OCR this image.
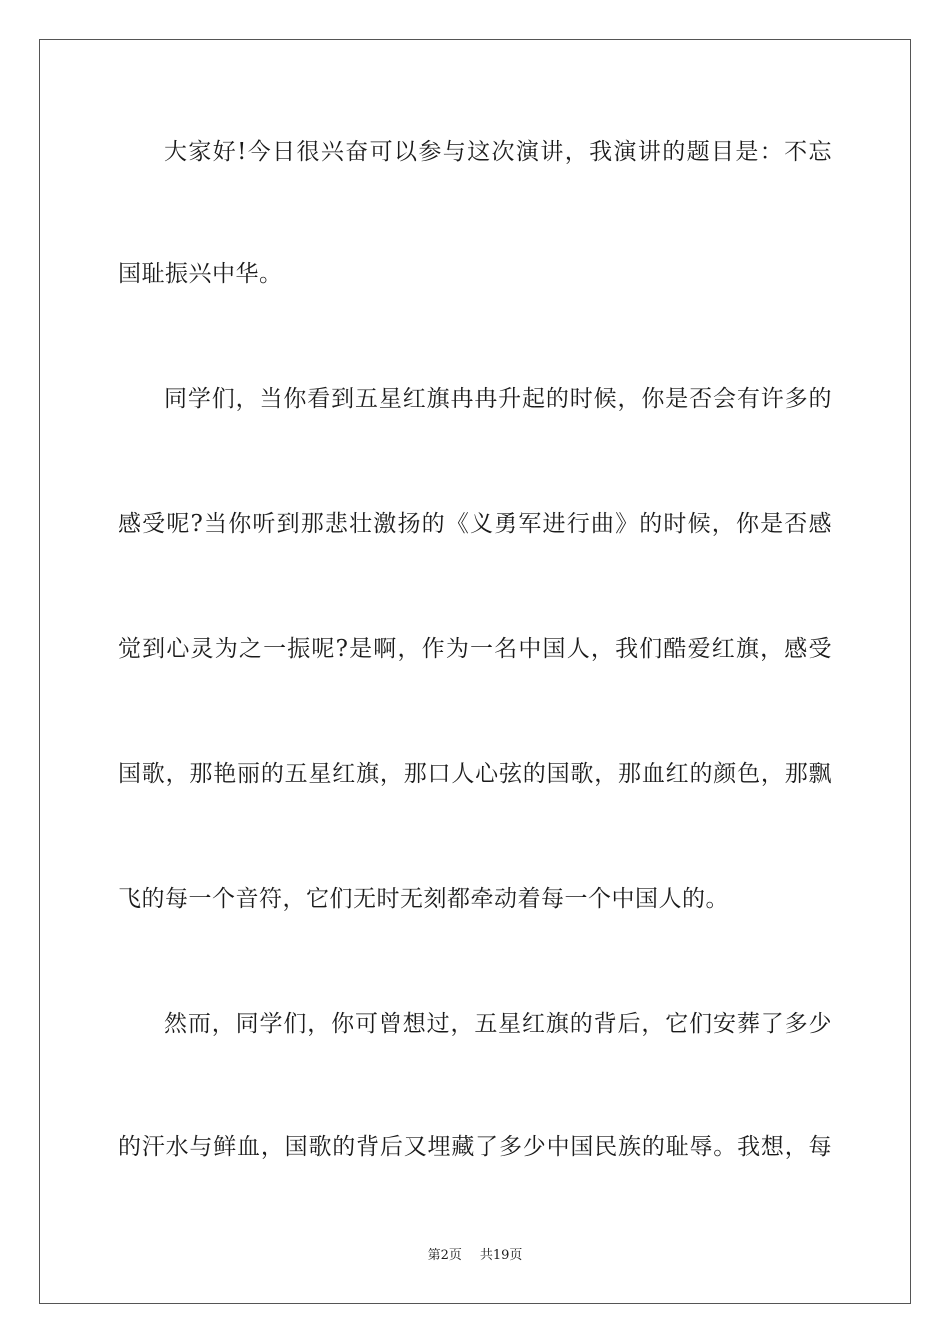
大家好!今日很兴奋可以参与这次演讲，我演讲的题目是：不忘
国耻振兴中华。
同学们，当你看到五星红旗冉冉升起的时候，你是否会有许多的
感受呢?当你听到那悲壮激扬的《义勇军进行曲》的时候，你是否感
觉到心灵为之一振呢?是啊，作为一名中国人，我们酷爱红旗，感受
国歌，那艳丽的五星红旗，那口人心弦的国歌，那血红的颜色，那飘
飞的每一个音符，它们无时无刻都牵动着每一个中国人的。
然而，同学们，你可曾想过，五星红旗的背后，它们安葬了多少
的汗水与鲜血，国歌的背后又埋藏了多少中国民族的耻辱。我想，每
第2页 共19页
